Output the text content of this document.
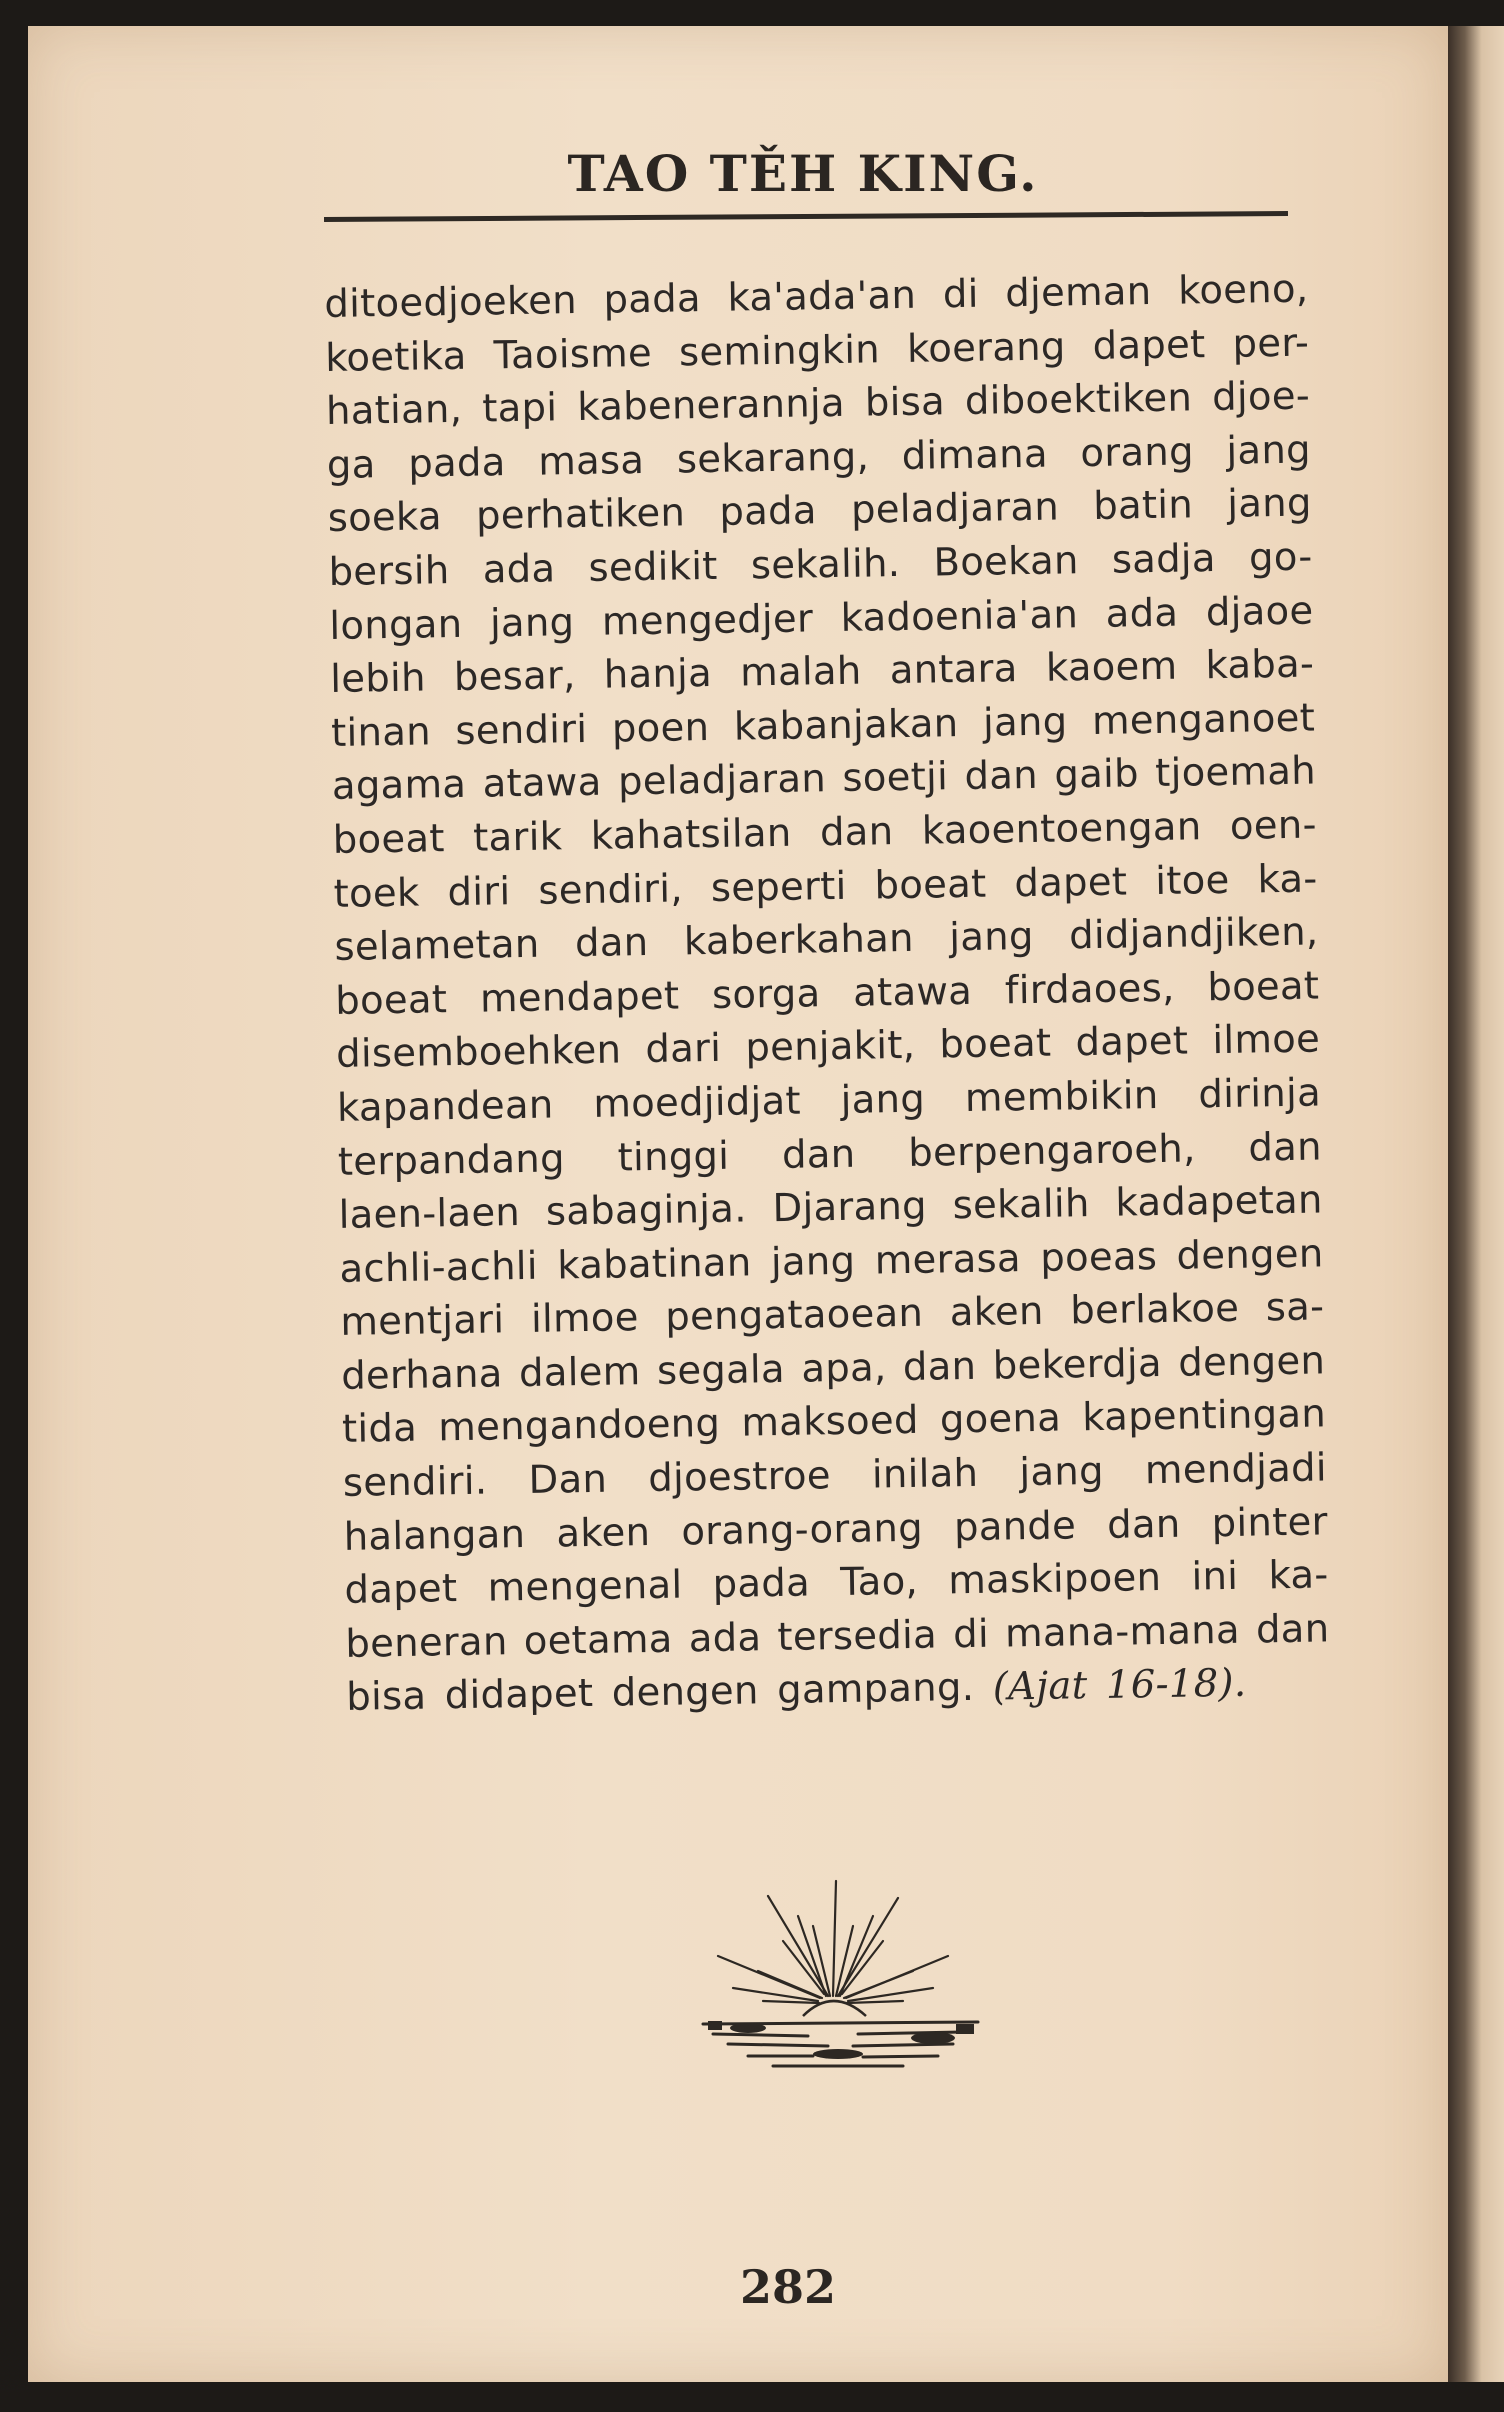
TAO TĚH KING.
ditoedjoeken pada ka'ada'an di djeman koeno,
koetika Taoisme semingkin koerang dapet per-
hatian, tapi kabenerannja bisa diboektiken djoe-
ga pada masa sekarang, dimana orang jang
soeka perhatiken pada peladjaran batin jang
bersih ada sedikit sekalih. Boekan sadja go-
longan jang mengedjer kadoenia'an ada djaoe
lebih besar, hanja malah antara kaoem kaba-
tinan sendiri poen kabanjakan jang menganoet
agama atawa peladjaran soetji dan gaib tjoemah
boeat tarik kahatsilan dan kaoentoengan oen-
toek diri sendiri, seperti boeat dapet itoe ka-
selametan dan kaberkahan jang didjandjiken,
boeat mendapet sorga atawa firdaoes, boeat
disemboehken dari penjakit, boeat dapet ilmoe
kapandean moedjidjat jang membikin dirinja
terpandang tinggi dan berpengaroeh, dan
laen-laen sabaginja. Djarang sekalih kadapetan
achli-achli kabatinan jang merasa poeas dengen
mentjari ilmoe pengataoean aken berlakoe sa-
derhana dalem segala apa, dan bekerdja dengen
tida mengandoeng maksoed goena kapentingan
sendiri. Dan djoestroe inilah jang mendjadi
halangan aken orang-orang pande dan pinter
dapet mengenal pada Tao, maskipoen ini ka-
beneran oetama ada tersedia di mana-mana dan
bisa didapet dengen gampang. (Ajat 16-18).
282
